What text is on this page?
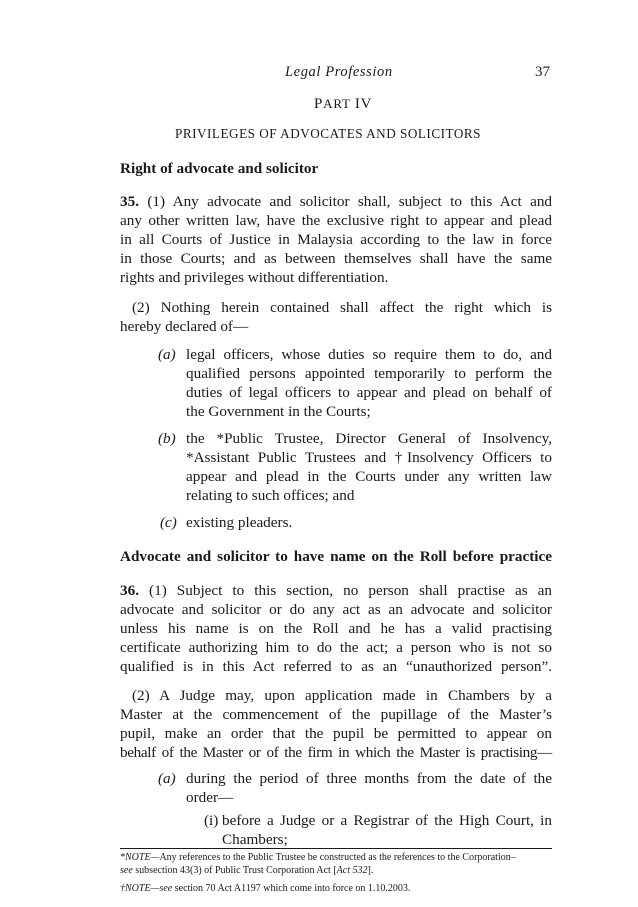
Legal Profession	37
PART IV
PRIVILEGES OF ADVOCATES AND SOLICITORS
Right of advocate and solicitor
35. (1) Any advocate and solicitor shall, subject to this Act and
any other written law, have the exclusive right to appear and plead
in all Courts of Justice in Malaysia according to the law in force
in those Courts; and as between themselves shall have the same
rights and privileges without differentiation.
(2) Nothing herein contained shall affect the right which is
hereby declared of—
(a) legal officers, whose duties so require them to do, and
qualified persons appointed temporarily to perform the
duties of legal officers to appear and plead on behalf of
the Government in the Courts;
(b) the *Public Trustee, Director General of Insolvency,
*Assistant Public Trustees and †Insolvency Officers to
appear and plead in the Courts under any written law
relating to such offices; and
(c) existing pleaders.
Advocate and solicitor to have name on the Roll before practice
36. (1) Subject to this section, no person shall practise as an
advocate and solicitor or do any act as an advocate and solicitor
unless his name is on the Roll and he has a valid practising
certificate authorizing him to do the act; a person who is not so
qualified is in this Act referred to as an “unauthorized person”.
(2) A Judge may, upon application made in Chambers by a
Master at the commencement of the pupillage of the Master’s
pupil, make an order that the pupil be permitted to appear on
behalf of the Master or of the firm in which the Master is practising—
(a) during the period of three months from the date of the
order—
(i) before a Judge or a Registrar of the High Court, in
Chambers;
*NOTE—Any references to the Public Trustee be constructed as the references to the Corporation–
see subsection 43(3) of Public Trust Corporation Act [Act 532].
†NOTE—see section 70 Act A1197 which come into force on 1.10.2003.
